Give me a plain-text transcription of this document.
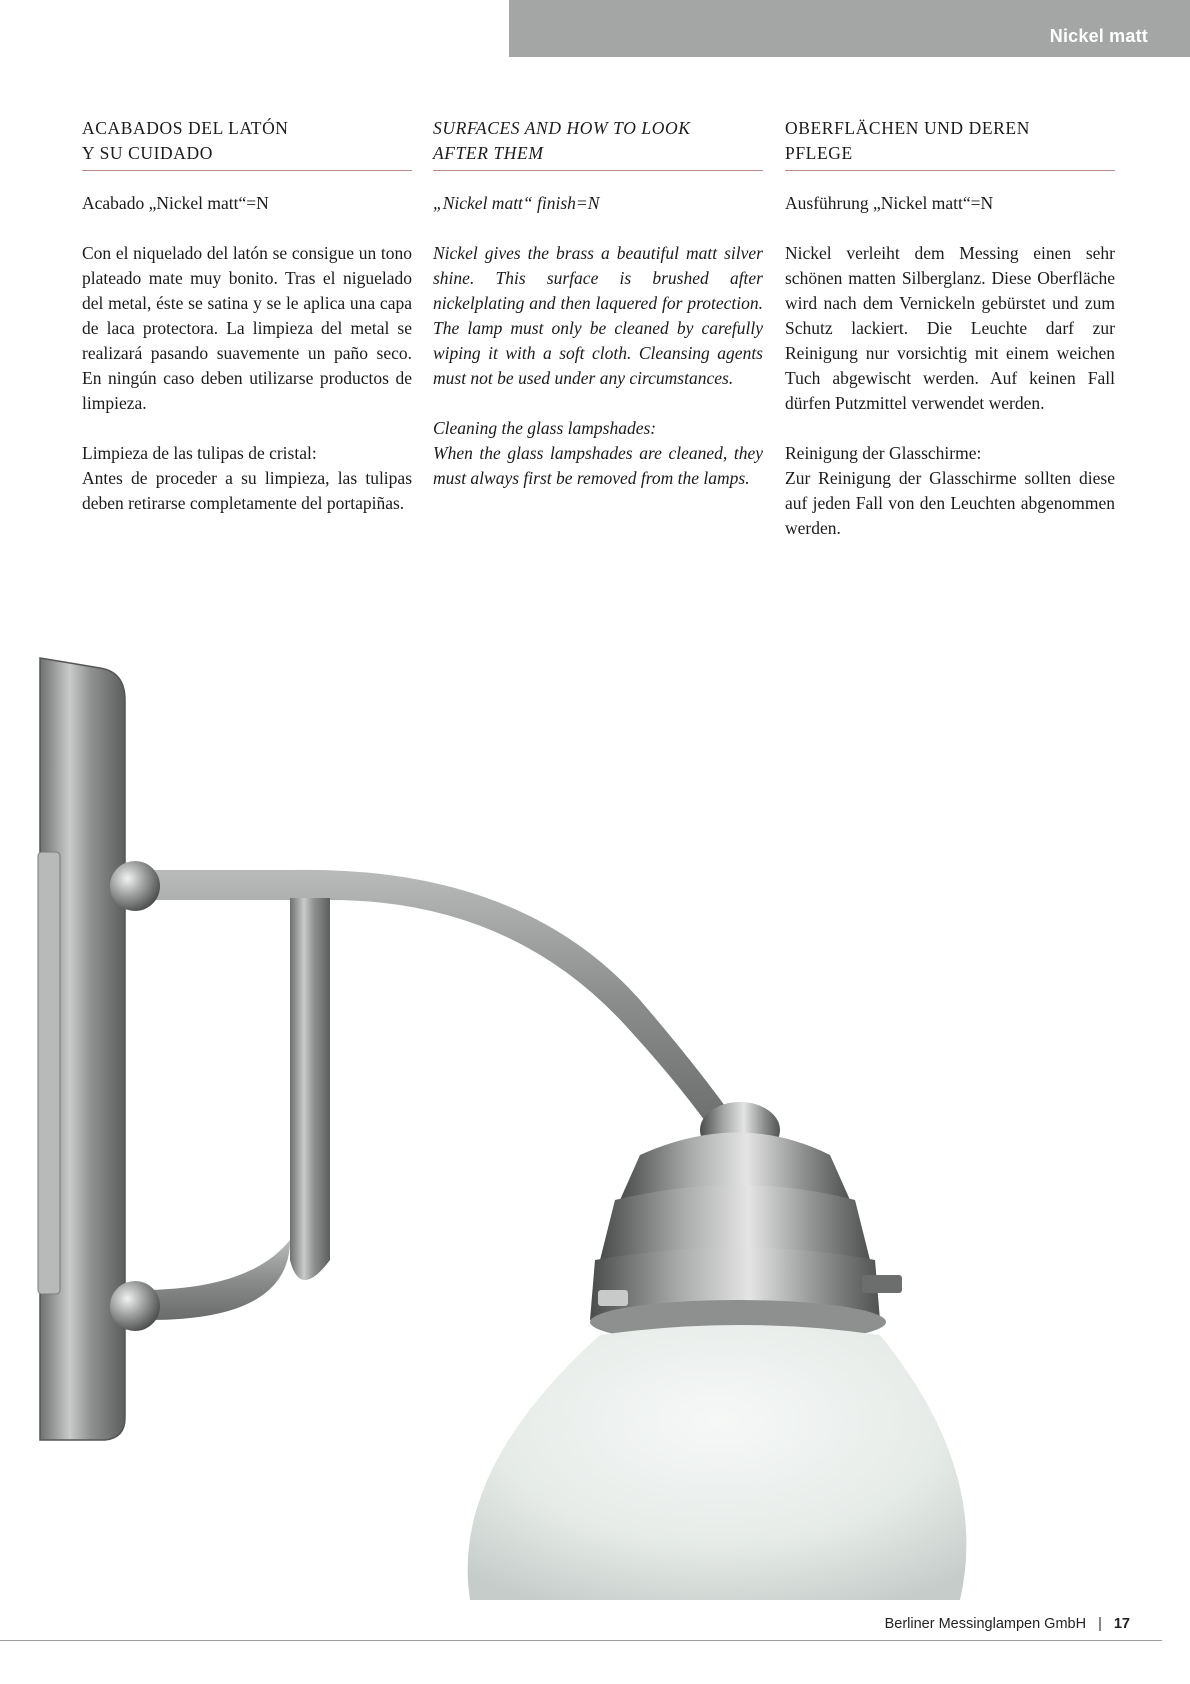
Nickel matt
ACABADOS DEL LATÓN
Y SU CUIDADO
Acabado „Nickel matt“=N
Con el niquelado del latón se consigue un tono plateado mate muy bonito. Tras el niguelado del metal, éste se satina y se le aplica una capa de laca protectora. La limpieza del metal se realizará pasando suavemente un paño seco. En ningún caso deben utilizarse productos de limpieza.
Limpieza de las tulipas de cristal:
Antes de proceder a su limpieza, las tulipas deben retirarse completamente del portapiñas.
SURFACES AND HOW TO LOOK
AFTER THEM
„Nickel matt“ finish=N
Nickel gives the brass a beautiful matt silver shine. This surface is brushed after nickelplating and then laquered for protection. The lamp must only be cleaned by carefully wiping it with a soft cloth. Cleansing agents must not be used under any circumstances.
Cleaning the glass lampshades:
When the glass lampshades are cleaned, they must always first be removed from the lamps.
OBERFLÄCHEN UND DEREN
PFLEGE
Ausführung „Nickel matt“=N
Nickel verleiht dem Messing einen sehr schönen matten Silberglanz. Diese Oberfläche wird nach dem Vernickeln gebürstet und zum Schutz lackiert. Die Leuchte darf zur Reinigung nur vorsichtig mit einem weichen Tuch abgewischt werden. Auf keinen Fall dürfen Putzmittel verwendet werden.
Reinigung der Glasschirme:
Zur Reinigung der Glasschirme sollten diese auf jeden Fall von den Leuchten abgenommen werden.
Berliner Messinglampen GmbH | 17
